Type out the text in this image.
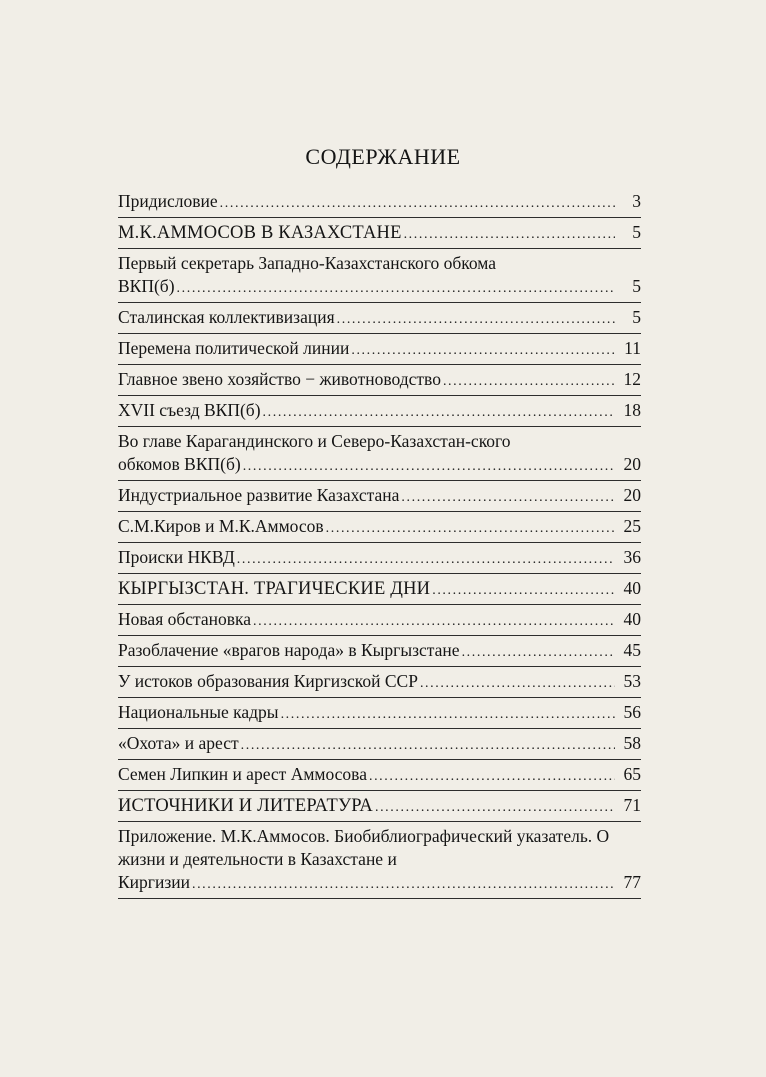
СОДЕРЖАНИЕ
Придисловие .....	3
М.К.АММОСОВ В КАЗАХСТАНЕ .....	5
Первый секретарь Западно-Казахстанского обкома
ВКП(б) .....	5
Сталинская коллективизация .....	5
Перемена политической линии .....	11
Главное звено хозяйство − животноводство .....	12
XVII съезд ВКП(б) .....	18
Во главе Карагандинского и Северо-Казахстан-ского
обкомов ВКП(б) .....	20
Индустриальное развитие Казахстана .....	20
С.М.Киров и М.К.Аммосов .....	25
Происки НКВД .....	36
КЫРГЫЗСТАН. ТРАГИЧЕСКИЕ ДНИ .....	40
Новая обстановка .....	40
Разоблачение «врагов народа» в Кыргызстане .....	45
У истоков образования Киргизской ССР .....	53
Национальные кадры .....	56
«Охота» и арест .....	58
Семен Липкин и арест Аммосова .....	65
ИСТОЧНИКИ И ЛИТЕРАТУРА .....	71
Приложение. М.К.Аммосов. Биобиблиографический указатель. О жизни и деятельности в Казахстане и
Киргизии .....	77
